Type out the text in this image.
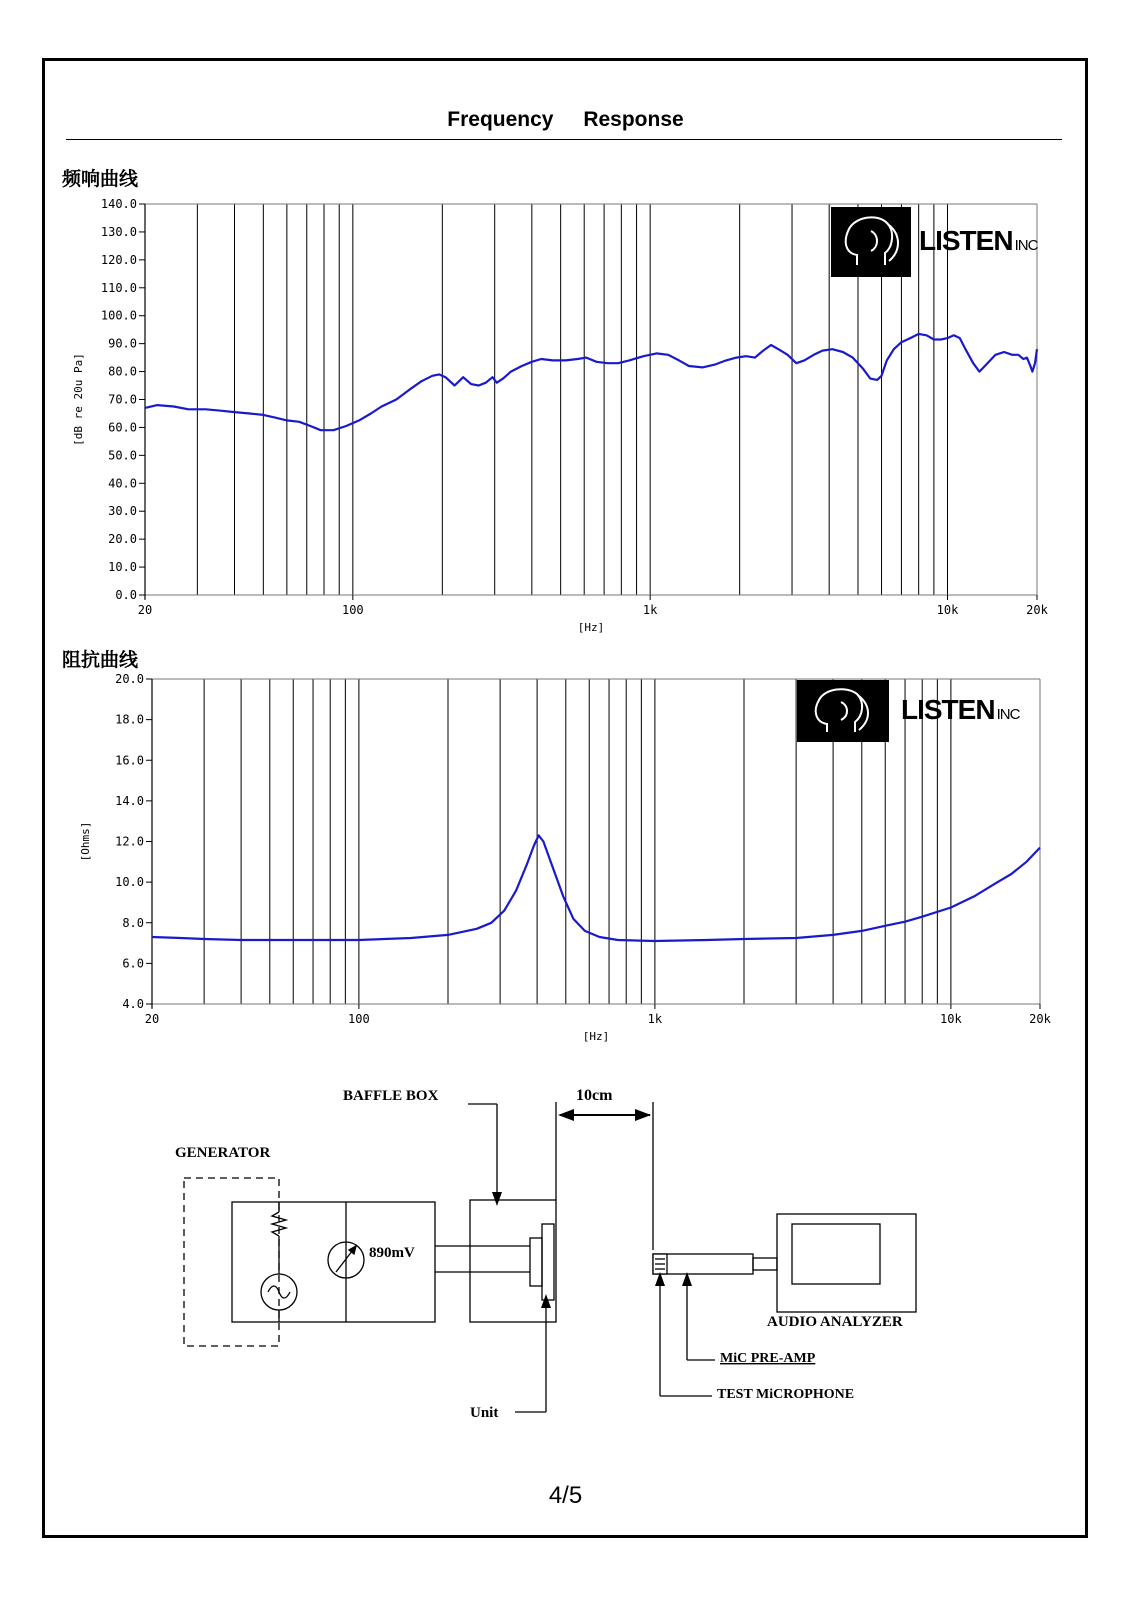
Frequency Response
频响曲线
阻抗曲线
0.0
10.0
20.0
30.0
40.0
50.0
60.0
70.0
80.0
90.0
100.0
110.0
120.0
130.0
140.0
20	100	1k	10k	20k
[Hz]
[dB re 20u Pa]
4.0
6.0
8.0
10.0
12.0
14.0
16.0
18.0
20.0
20	100	1k	10k	20k
[Hz]
[Ohms]
LISTEN INC
LISTEN INC
BAFFLE BOX	10cm
GENERATOR
890mV
AUDIO ANALYZER
MiC PRE-AMP
TEST MiCROPHONE
Unit
4/5
